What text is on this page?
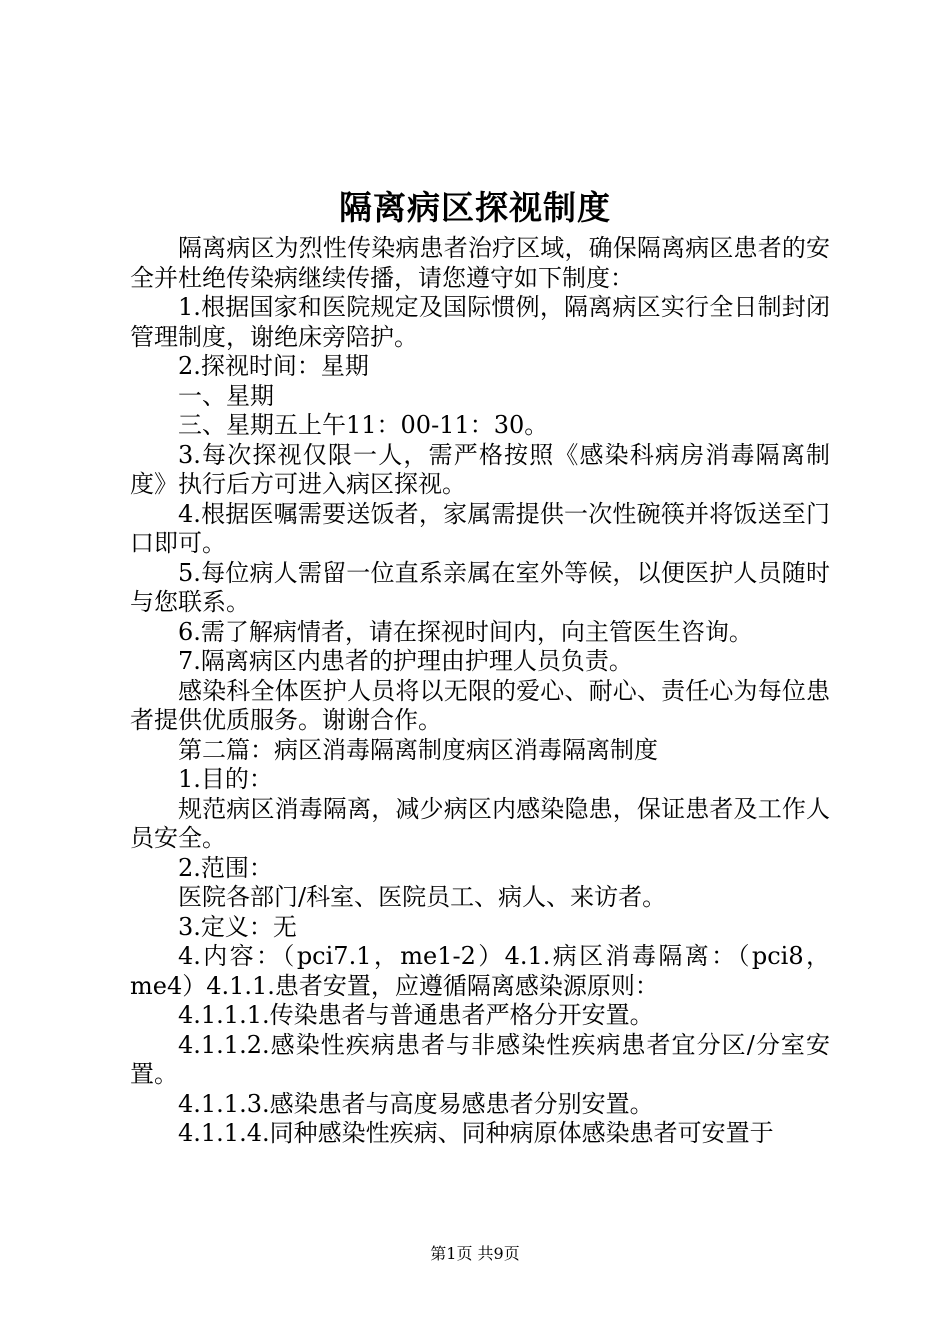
隔离病区探视制度

隔离病区为烈性传染病患者治疗区域，确保隔离病区患者的安全并杜绝传染病继续传播，请您遵守如下制度：

1.根据国家和医院规定及国际惯例，隔离病区实行全日制封闭管理制度，谢绝床旁陪护。

2.探视时间：星期

一、星期

三、星期五上午11：00-11：30。

3.每次探视仅限一人，需严格按照《感染科病房消毒隔离制度》执行后方可进入病区探视。

4.根据医嘱需要送饭者，家属需提供一次性碗筷并将饭送至门口即可。

5.每位病人需留一位直系亲属在室外等候，以便医护人员随时与您联系。

6.需了解病情者，请在探视时间内，向主管医生咨询。

7.隔离病区内患者的护理由护理人员负责。

感染科全体医护人员将以无限的爱心、耐心、责任心为每位患者提供优质服务。谢谢合作。

第二篇：病区消毒隔离制度病区消毒隔离制度

1.目的：

规范病区消毒隔离，减少病区内感染隐患，保证患者及工作人员安全。

2.范围：

医院各部门/科室、医院员工、病人、来访者。

3.定义：无

4.内容：（pci7.1，me1-2）4.1.病区消毒隔离：（pci8，me4）4.1.1.患者安置，应遵循隔离感染源原则：

4.1.1.1.传染患者与普通患者严格分开安置。

4.1.1.2.感染性疾病患者与非感染性疾病患者宜分区/分室安置。

4.1.1.3.感染患者与高度易感患者分别安置。

4.1.1.4.同种感染性疾病、同种病原体感染患者可安置于

第1页 共9页
